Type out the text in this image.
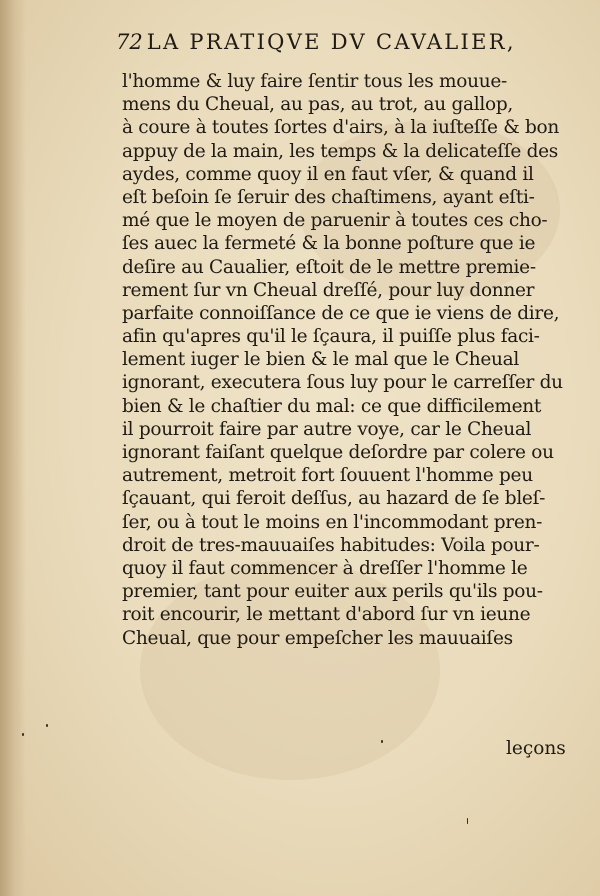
72 LA PRATIQVE DV CAVALIER,
l'homme & luy faire ſentir tous les mouue-
mens du Cheual, au pas, au trot, au gallop,
à coure à toutes ſortes d'airs, à la iuſteſſe & bon
appuy de la main, les temps & la delicateſſe des
aydes, comme quoy il en faut vſer, & quand il
eſt beſoin ſe ſeruir des chaſtimens, ayant eſti-
mé que le moyen de paruenir à toutes ces cho-
ſes auec la fermeté & la bonne poſture que ie
deſire au Caualier, eſtoit de le mettre premie-
rement ſur vn Cheual dreſſé, pour luy donner
parfaite connoiſſance de ce que ie viens de dire,
afin qu'apres qu'il le ſçaura, il puiſſe plus faci-
lement iuger le bien & le mal que le Cheual
ignorant, executera ſous luy pour le carreſſer du
bien & le chaſtier du mal: ce que difficilement
il pourroit faire par autre voye, car le Cheual
ignorant faiſant quelque deſordre par colere ou
autrement, metroit fort ſouuent l'homme peu
ſçauant, qui feroit deſſus, au hazard de ſe bleſ-
ſer, ou à tout le moins en l'incommodant pren-
droit de tres-mauuaiſes habitudes: Voila pour-
quoy il faut commencer à dreſſer l'homme le
premier, tant pour euiter aux perils qu'ils pou-
roit encourir, le mettant d'abord ſur vn ieune
Cheual, que pour empeſcher les mauuaiſes
leçons
